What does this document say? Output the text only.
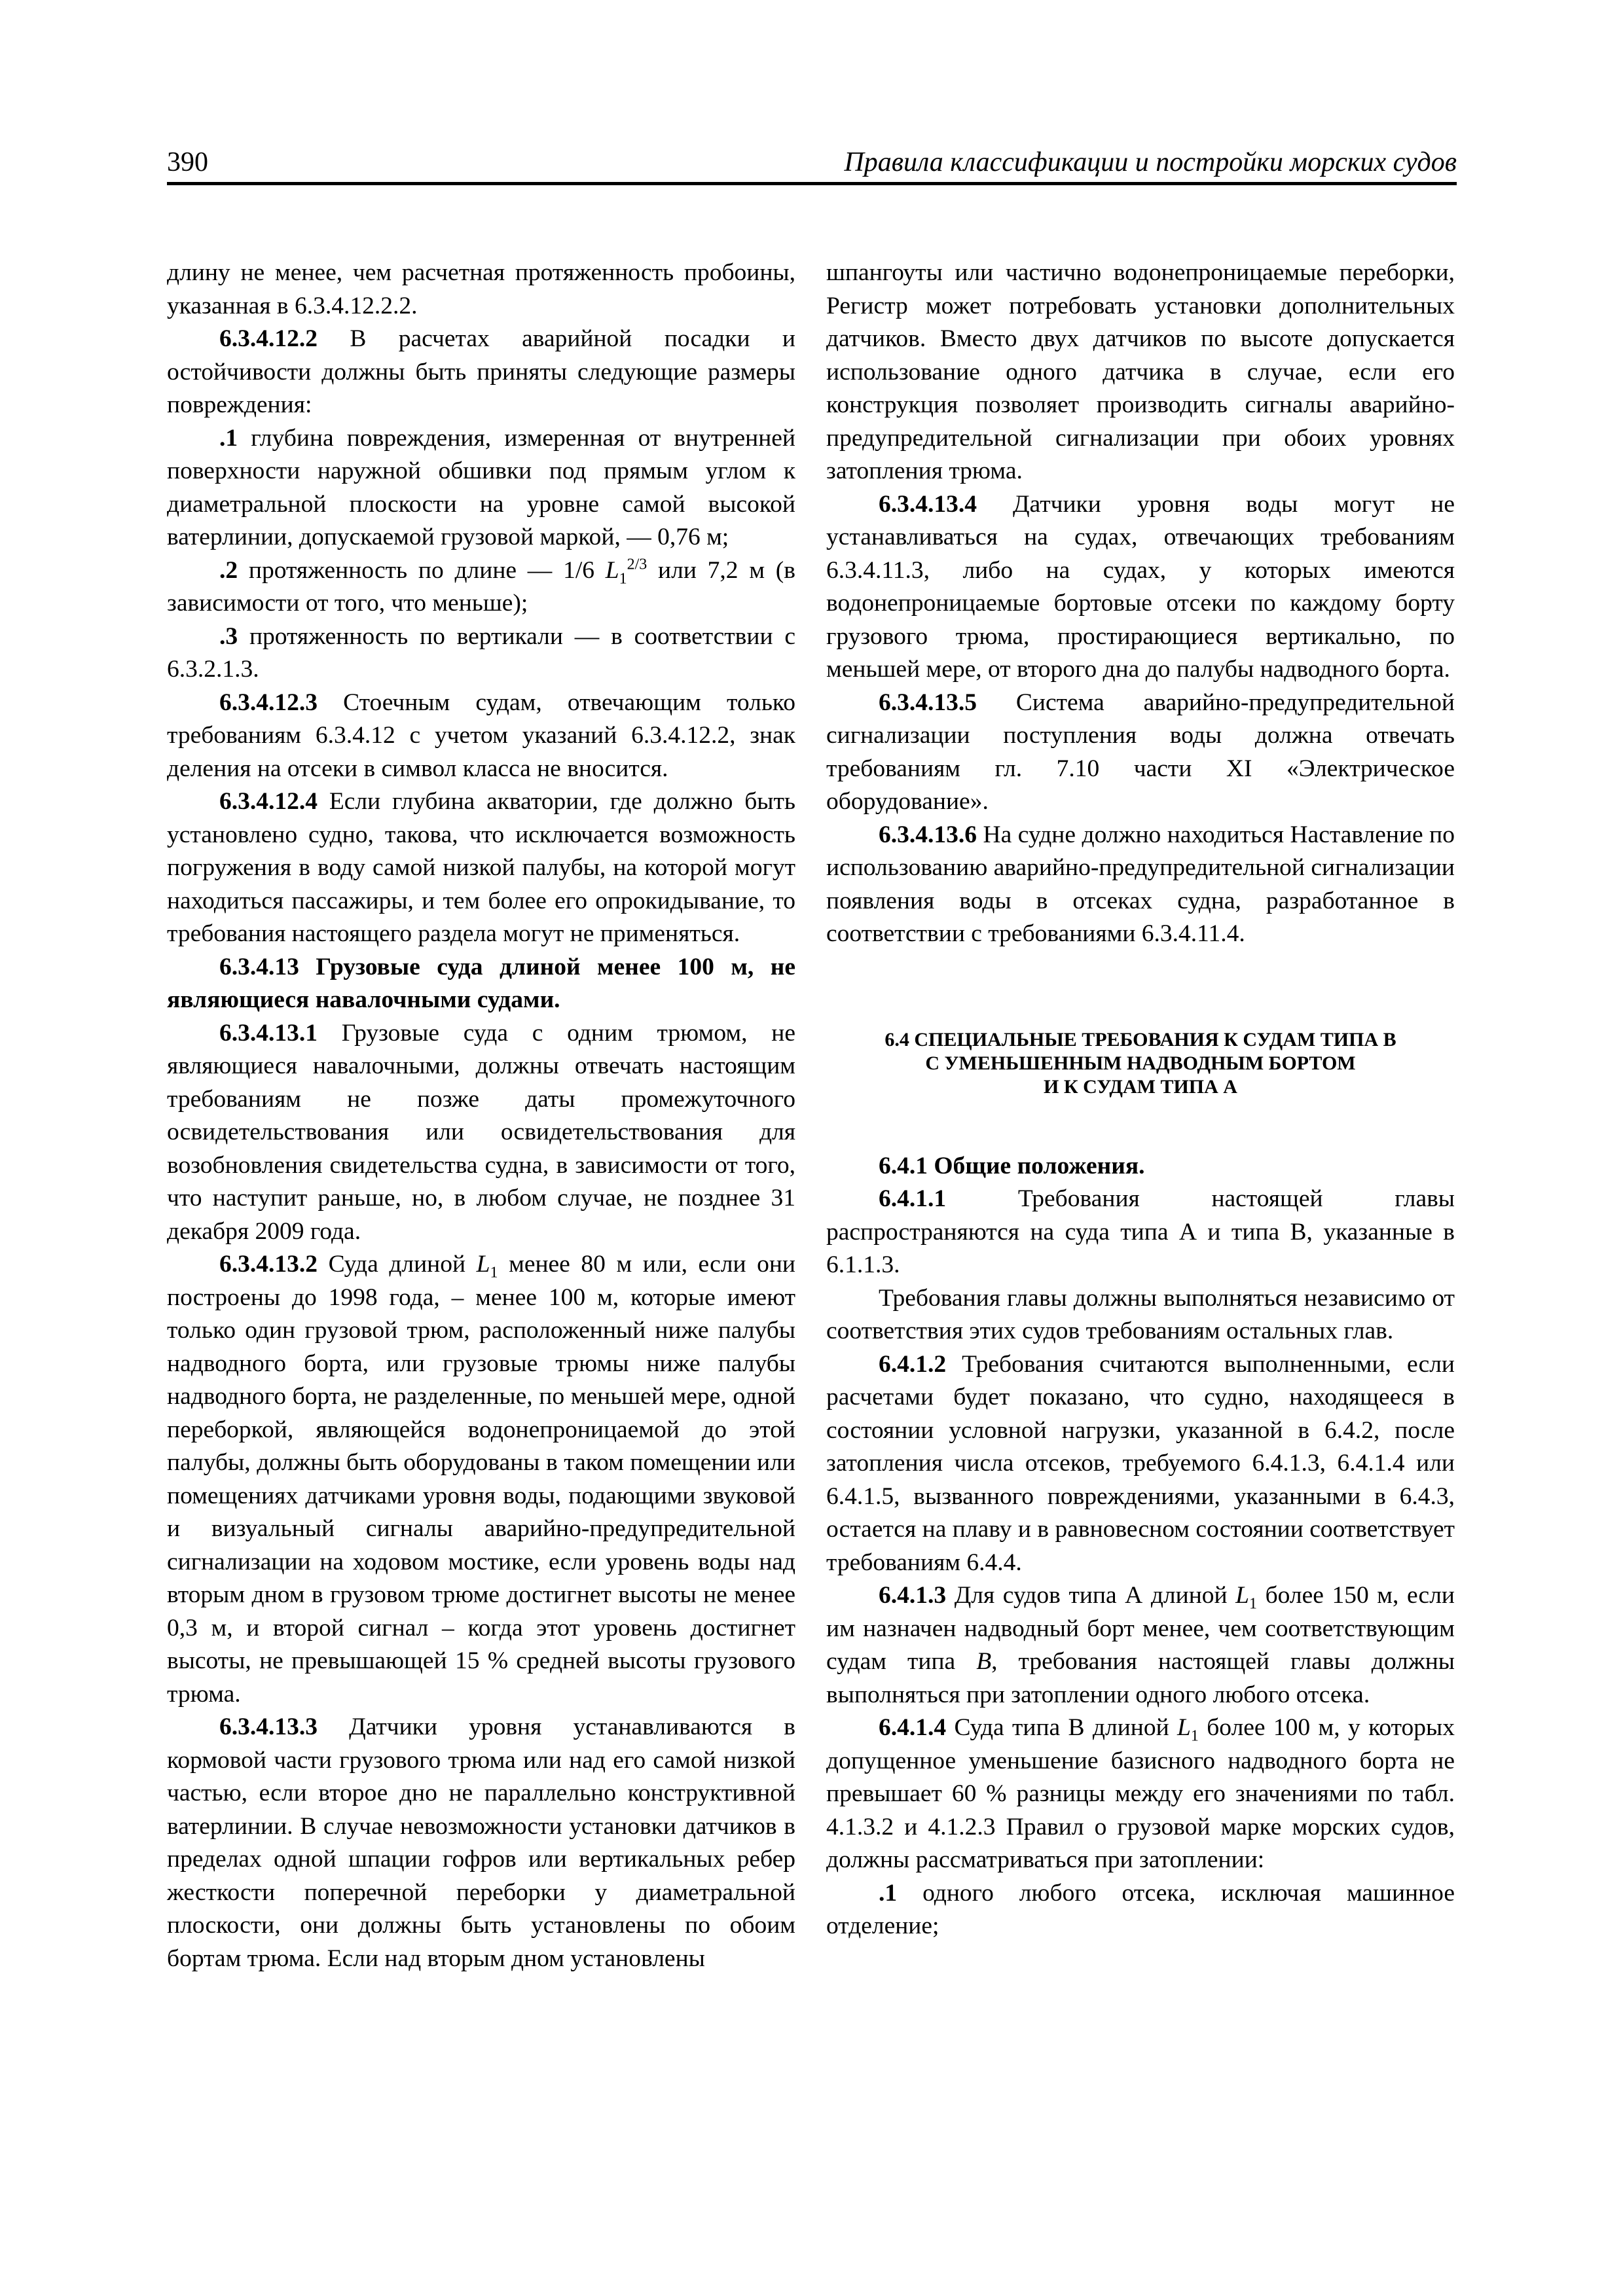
390	Правила классификации и постройки морских судов

длину не менее, чем расчетная протяженность пробоины, указанная в 6.3.4.12.2.2.

6.3.4.12.2 В расчетах аварийной посадки и остойчивости должны быть приняты следующие размеры повреждения:

.1 глубина повреждения, измеренная от внутренней поверхности наружной обшивки под прямым углом к диаметральной плоскости на уровне самой высокой ватерлинии, допускаемой грузовой маркой, — 0,76 м;

.2 протяженность по длине — 1/6 $L_1^{2/3}$ или 7,2 м (в зависимости от того, что меньше);

.3 протяженность по вертикали — в соответствии с 6.3.2.1.3.

6.3.4.12.3 Стоечным судам, отвечающим только требованиям 6.3.4.12 с учетом указаний 6.3.4.12.2, знак деления на отсеки в символ класса не вносится.

6.3.4.12.4 Если глубина акватории, где должно быть установлено судно, такова, что исключается возможность погружения в воду самой низкой палубы, на которой могут находиться пассажиры, и тем более его опрокидывание, то требования настоящего раздела могут не применяться.

6.3.4.13 Грузовые суда длиной менее 100 м, не являющиеся навалочными судами.

6.3.4.13.1 Грузовые суда с одним трюмом, не являющиеся навалочными, должны отвечать настоящим требованиям не позже даты промежуточного освидетельствования или освидетельствования для возобновления свидетельства судна, в зависимости от того, что наступит раньше, но, в любом случае, не позднее 31 декабря 2009 года.

6.3.4.13.2 Суда длиной $L_1$ менее 80 м или, если они построены до 1998 года, – менее 100 м, которые имеют только один грузовой трюм, расположенный ниже палубы надводного борта, или грузовые трюмы ниже палубы надводного борта, не разделенные, по меньшей мере, одной переборкой, являющейся водонепроницаемой до этой палубы, должны быть оборудованы в таком помещении или помещениях датчиками уровня воды, подающими звуковой и визуальный сигналы аварийно-предупредительной сигнализации на ходовом мостике, если уровень воды над вторым дном в грузовом трюме достигнет высоты не менее 0,3 м, и второй сигнал – когда этот уровень достигнет высоты, не превышающей 15 % средней высоты грузового трюма.

6.3.4.13.3 Датчики уровня устанавливаются в кормовой части грузового трюма или над его самой низкой частью, если второе дно не параллельно конструктивной ватерлинии. В случае невозможности установки датчиков в пределах одной шпации гофров или вертикальных ребер жесткости поперечной переборки у диаметральной плоскости, они должны быть установлены по обоим бортам трюма. Если над вторым дном установлены

шпангоуты или частично водонепроницаемые переборки, Регистр может потребовать установки дополнительных датчиков. Вместо двух датчиков по высоте допускается использование одного датчика в случае, если его конструкция позволяет производить сигналы аварийно-предупредительной сигнализации при обоих уровнях затопления трюма.

6.3.4.13.4 Датчики уровня воды могут не устанавливаться на судах, отвечающих требованиям 6.3.4.11.3, либо на судах, у которых имеются водонепроницаемые бортовые отсеки по каждому борту грузового трюма, простирающиеся вертикально, по меньшей мере, от второго дна до палубы надводного борта.

6.3.4.13.5 Система аварийно-предупредительной сигнализации поступления воды должна отвечать требованиям гл. 7.10 части XI «Электрическое оборудование».

6.3.4.13.6 На судне должно находиться Наставление по использованию аварийно-предупредительной сигнализации появления воды в отсеках судна, разработанное в соответствии с требованиями 6.3.4.11.4.

6.4 СПЕЦИАЛЬНЫЕ ТРЕБОВАНИЯ К СУДАМ ТИПА B
С УМЕНЬШЕННЫМ НАДВОДНЫМ БОРТОМ
И К СУДАМ ТИПА А

6.4.1 Общие положения.

6.4.1.1 Требования настоящей главы распространяются на суда типа А и типа В, указанные в 6.1.1.3.

Требования главы должны выполняться независимо от соответствия этих судов требованиям остальных глав.

6.4.1.2 Требования считаются выполненными, если расчетами будет показано, что судно, находящееся в состоянии условной нагрузки, указанной в 6.4.2, после затопления числа отсеков, требуемого 6.4.1.3, 6.4.1.4 или 6.4.1.5, вызванного повреждениями, указанными в 6.4.3, остается на плаву и в равновесном состоянии соответствует требованиям 6.4.4.

6.4.1.3 Для судов типа А длиной $L_1$ более 150 м, если им назначен надводный борт менее, чем соответствующим судам типа B, требования настоящей главы должны выполняться при затоплении одного любого отсека.

6.4.1.4 Суда типа В длиной $L_1$ более 100 м, у которых допущенное уменьшение базисного надводного борта не превышает 60 % разницы между его значениями по табл. 4.1.3.2 и 4.1.2.3 Правил о грузовой марке морских судов, должны рассматриваться при затоплении:

.1 одного любого отсека, исключая машинное отделение;
